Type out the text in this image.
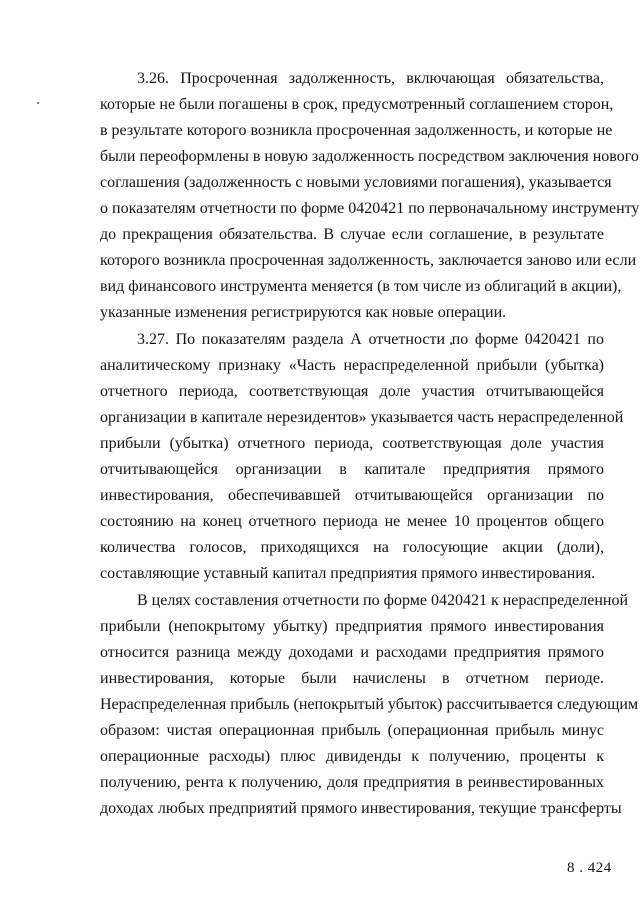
3.26. Просроченная задолженность, включающая обязательства,
которые не были погашены в срок, предусмотренный соглашением сторон,
в результате которого возникла просроченная задолженность, и которые не
были переоформлены в новую задолженность посредством заключения нового
соглашения (задолженность с новыми условиями погашения), указывается
о показателям отчетности по форме 0420421 по первоначальному инструменту
до прекращения обязательства. В случае если соглашение, в результате
которого возникла просроченная задолженность, заключается заново или если
вид финансового инструмента меняется (в том числе из облигаций в акции),
указанные изменения регистрируются как новые операции.
3.27. По показателям раздела А отчетности по форме 0420421 по
аналитическому признаку «Часть нераспределенной прибыли (убытка)
отчетного периода, соответствующая доле участия отчитывающейся
организации в капитале нерезидентов» указывается часть нераспределенной
прибыли (убытка) отчетного периода, соответствующая доле участия
отчитывающейся организации в капитале предприятия прямого
инвестирования, обеспечивавшей отчитывающейся организации по
состоянию на конец отчетного периода не менее 10 процентов общего
количества голосов, приходящихся на голосующие акции (доли),
составляющие уставный капитал предприятия прямого инвестирования.
В целях составления отчетности по форме 0420421 к нераспределенной
прибыли (непокрытому убытку) предприятия прямого инвестирования
относится разница между доходами и расходами предприятия прямого
инвестирования, которые были начислены в отчетном периоде.
Нераспределенная прибыль (непокрытый убыток) рассчитывается следующим
образом: чистая операционная прибыль (операционная прибыль минус
операционные расходы) плюс дивиденды к получению, проценты к
получению, рента к получению, доля предприятия в реинвестированных
доходах любых предприятий прямого инвестирования, текущие трансферты
8 . 424
